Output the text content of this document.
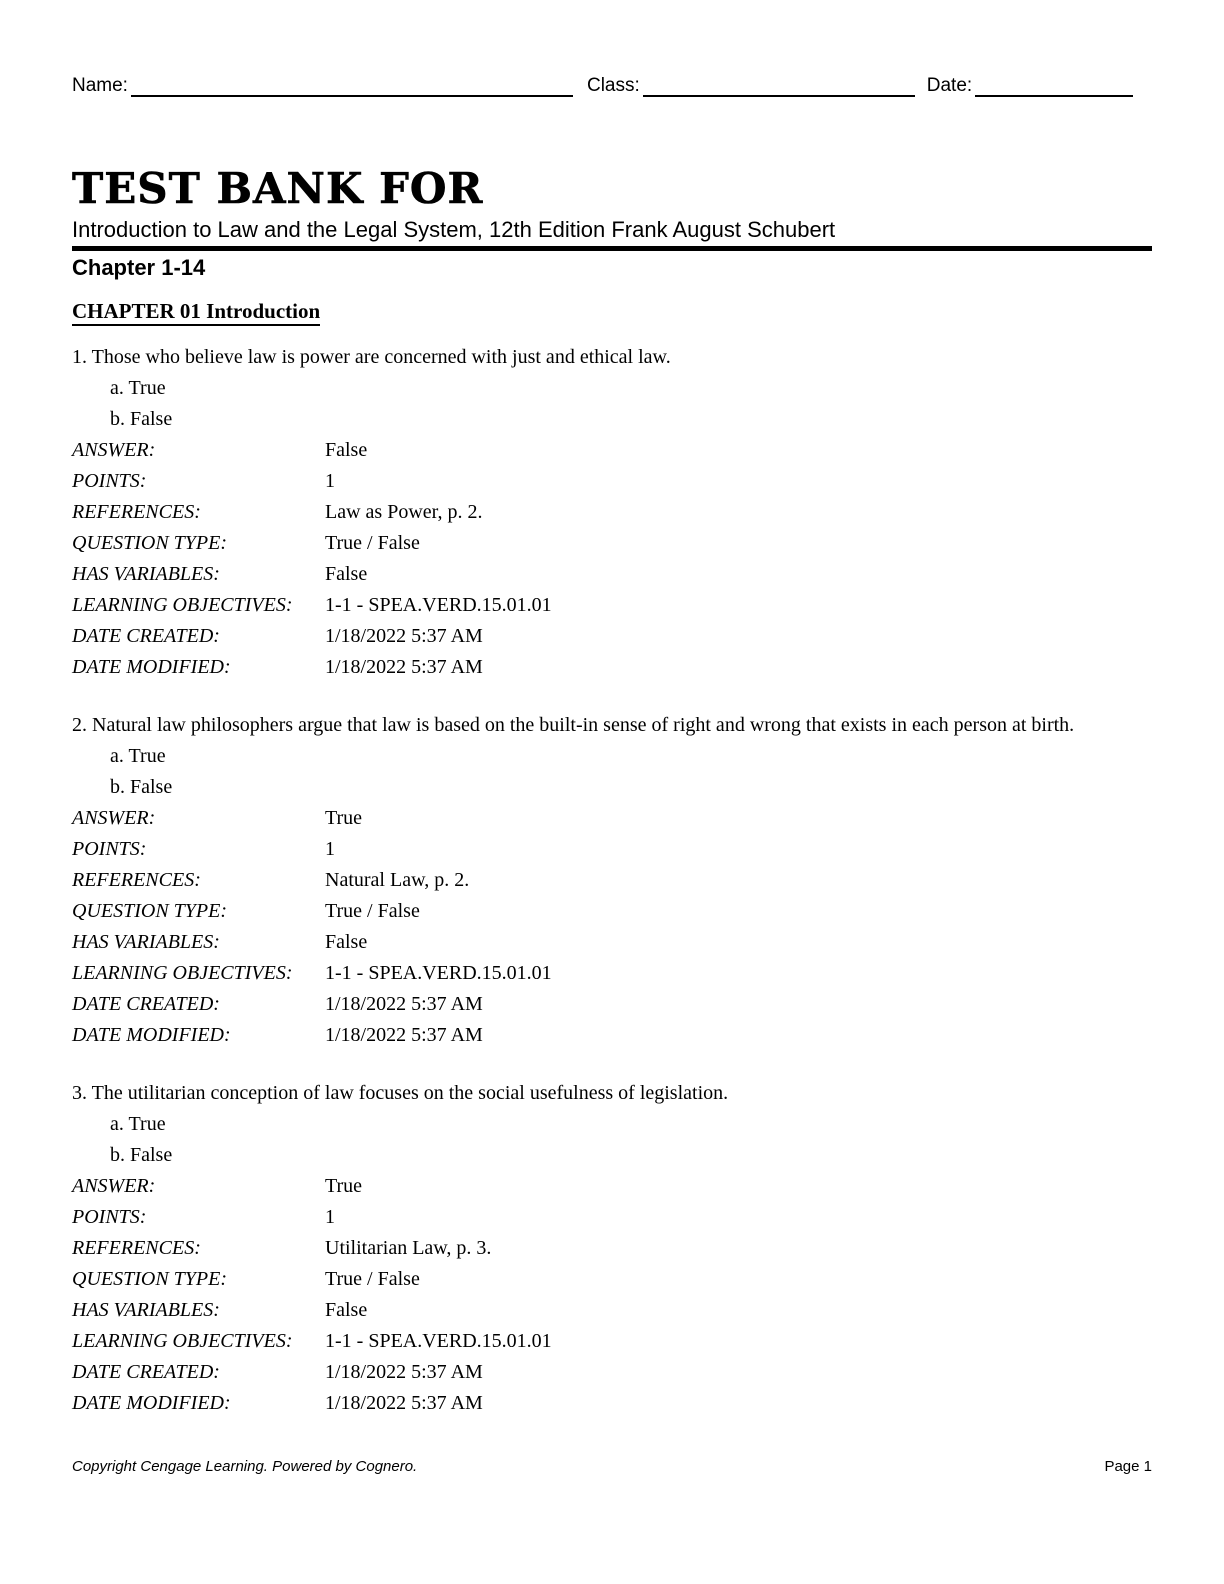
Name:	Class:	Date:
TEST BANK FOR
Introduction to Law and the Legal System, 12th Edition Frank August Schubert
Chapter 1-14
CHAPTER 01 Introduction

1. Those who believe law is power are concerned with just and ethical law.

a. True
b. False
ANSWER:	False
POINTS:	1
REFERENCES:	Law as Power, p. 2.
QUESTION TYPE:	True / False
HAS VARIABLES:	False
LEARNING OBJECTIVES:	1-1 - SPEA.VERD.15.01.01
DATE CREATED:	1/18/2022 5:37 AM
DATE MODIFIED:	1/18/2022 5:37 AM

2. Natural law philosophers argue that law is based on the built-in sense of right and wrong that exists in each person at birth.

a. True
b. False
ANSWER:	True
POINTS:	1
REFERENCES:	Natural Law, p. 2.
QUESTION TYPE:	True / False
HAS VARIABLES:	False
LEARNING OBJECTIVES:	1-1 - SPEA.VERD.15.01.01
DATE CREATED:	1/18/2022 5:37 AM
DATE MODIFIED:	1/18/2022 5:37 AM

3. The utilitarian conception of law focuses on the social usefulness of legislation.

a. True
b. False
ANSWER:	True
POINTS:	1
REFERENCES:	Utilitarian Law, p. 3.
QUESTION TYPE:	True / False
HAS VARIABLES:	False
LEARNING OBJECTIVES:	1-1 - SPEA.VERD.15.01.01
DATE CREATED:	1/18/2022 5:37 AM
DATE MODIFIED:	1/18/2022 5:37 AM
Copyright Cengage Learning. Powered by Cognero.	Page 1
